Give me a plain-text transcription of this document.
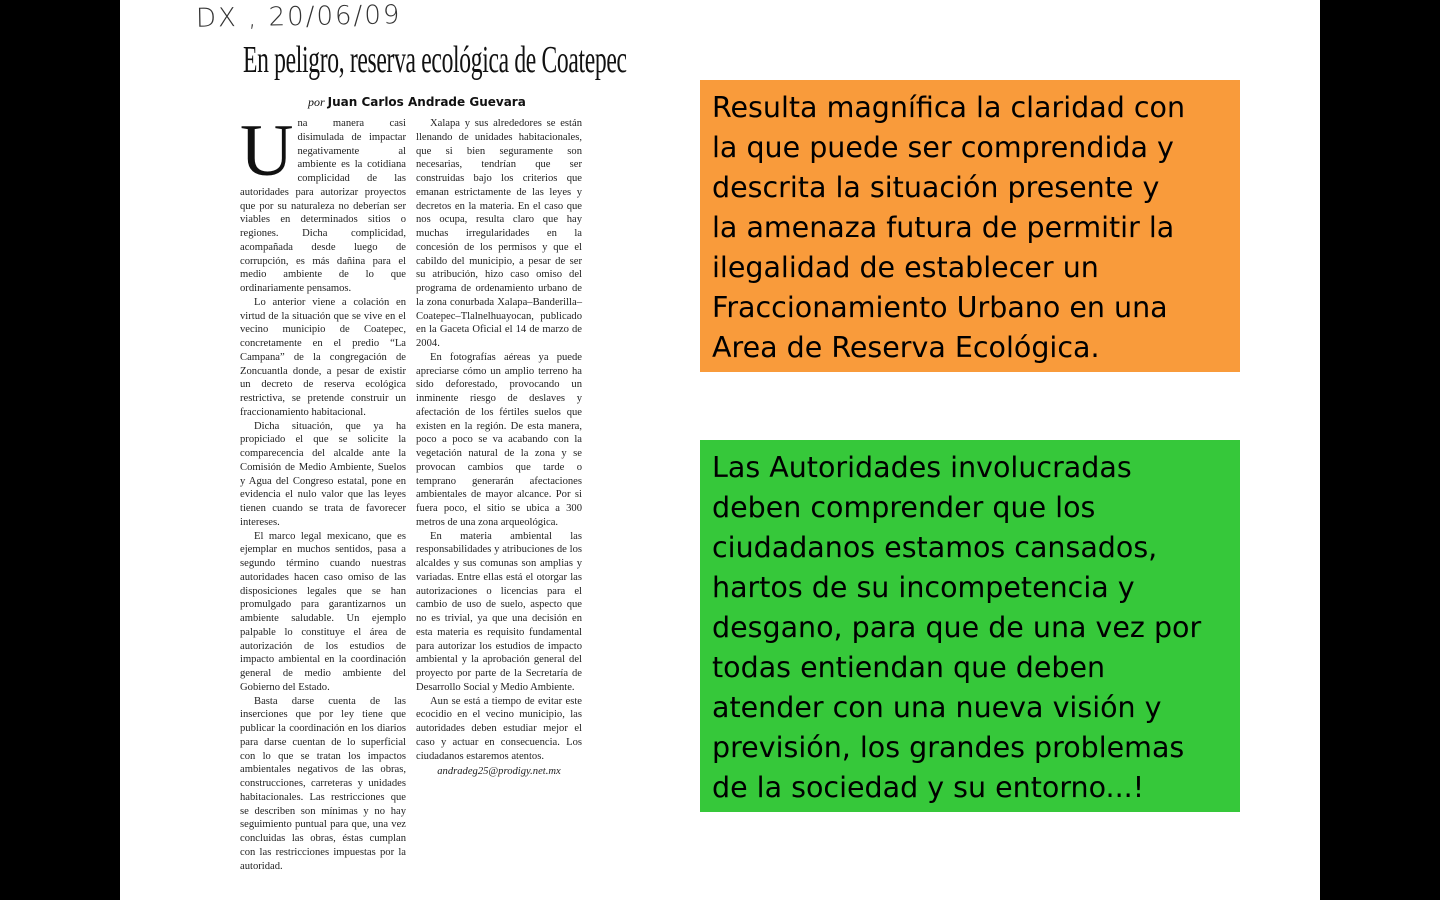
DX , 20/06/09
En peligro, reserva ecológica de Coatepec
por Juan Carlos Andrade Guevara

Una manera casi disimulada de impactar negativamente al ambiente es la cotidiana complicidad de las autoridades para autorizar proyectos que por su naturaleza no deberían ser viables en determinados sitios o regiones. Dicha complicidad, acompañada desde luego de corrupción, es más dañina para el medio ambiente de lo que ordinariamente pensamos.

Lo anterior viene a colación en virtud de la situación que se vive en el vecino municipio de Coatepec, concretamente en el predio “La Campana” de la congregación de Zoncuantla donde, a pesar de existir un decreto de reserva ecológica restrictiva, se pretende construir un fraccionamiento habitacional.

Dicha situación, que ya ha propiciado el que se solicite la comparecencia del alcalde ante la Comisión de Medio Ambiente, Suelos y Agua del Congreso estatal, pone en evidencia el nulo valor que las leyes tienen cuando se trata de favorecer intereses.

El marco legal mexicano, que es ejemplar en muchos sentidos, pasa a segundo término cuando nuestras autoridades hacen caso omiso de las disposiciones legales que se han promulgado para garantizarnos un ambiente saludable. Un ejemplo palpable lo constituye el área de autorización de los estudios de impacto ambiental en la coordinación general de medio ambiente del Gobierno del Estado.

Basta darse cuenta de las inserciones que por ley tiene que publicar la coordinación en los diarios para darse cuentan de lo superficial con lo que se tratan los impactos ambientales negativos de las obras, construcciones, carreteras y unidades habitacionales. Las restricciones que se describen son mínimas y no hay seguimiento puntual para que, una vez concluidas las obras, éstas cumplan con las restricciones impuestas por la autoridad.

Xalapa y sus alrededores se están llenando de unidades habitacionales, que si bien seguramente son necesarias, tendrían que ser construidas bajo los criterios que emanan estrictamente de las leyes y decretos en la materia. En el caso que nos ocupa, resulta claro que hay muchas irregularidades en la concesión de los permisos y que el cabildo del municipio, a pesar de ser su atribución, hizo caso omiso del programa de ordenamiento urbano de la zona conurbada Xalapa–Banderilla–Coatepec–Tlalnelhuayocan, publicado en la Gaceta Oficial el 14 de marzo de 2004.

En fotografías aéreas ya puede apreciarse cómo un amplio terreno ha sido deforestado, provocando un inminente riesgo de deslaves y afectación de los fértiles suelos que existen en la región. De esta manera, poco a poco se va acabando con la vegetación natural de la zona y se provocan cambios que tarde o temprano generarán afectaciones ambientales de mayor alcance. Por si fuera poco, el sitio se ubica a 300 metros de una zona arqueológica.

En materia ambiental las responsabilidades y atribuciones de los alcaldes y sus comunas son amplias y variadas. Entre ellas está el otorgar las autorizaciones o licencias para el cambio de uso de suelo, aspecto que no es trivial, ya que una decisión en esta materia es requisito fundamental para autorizar los estudios de impacto ambiental y la aprobación general del proyecto por parte de la Secretaría de Desarrollo Social y Medio Ambiente.

Aun se está a tiempo de evitar este ecocidio en el vecino municipio, las autoridades deben estudiar mejor el caso y actuar en consecuencia. Los ciudadanos estaremos atentos.

andradeg25@prodigy.net.mx

Resulta magnífica la claridad con
la que puede ser comprendida y
descrita la situación presente y
la amenaza futura de permitir la
ilegalidad de establecer un
Fraccionamiento Urbano en una
Area de Reserva Ecológica.
Las Autoridades involucradas
deben comprender que los
ciudadanos estamos cansados,
hartos de su incompetencia y
desgano, para que de una vez por
todas entiendan que deben
atender con una nueva visión y
previsión, los grandes problemas
de la sociedad y su entorno...!
